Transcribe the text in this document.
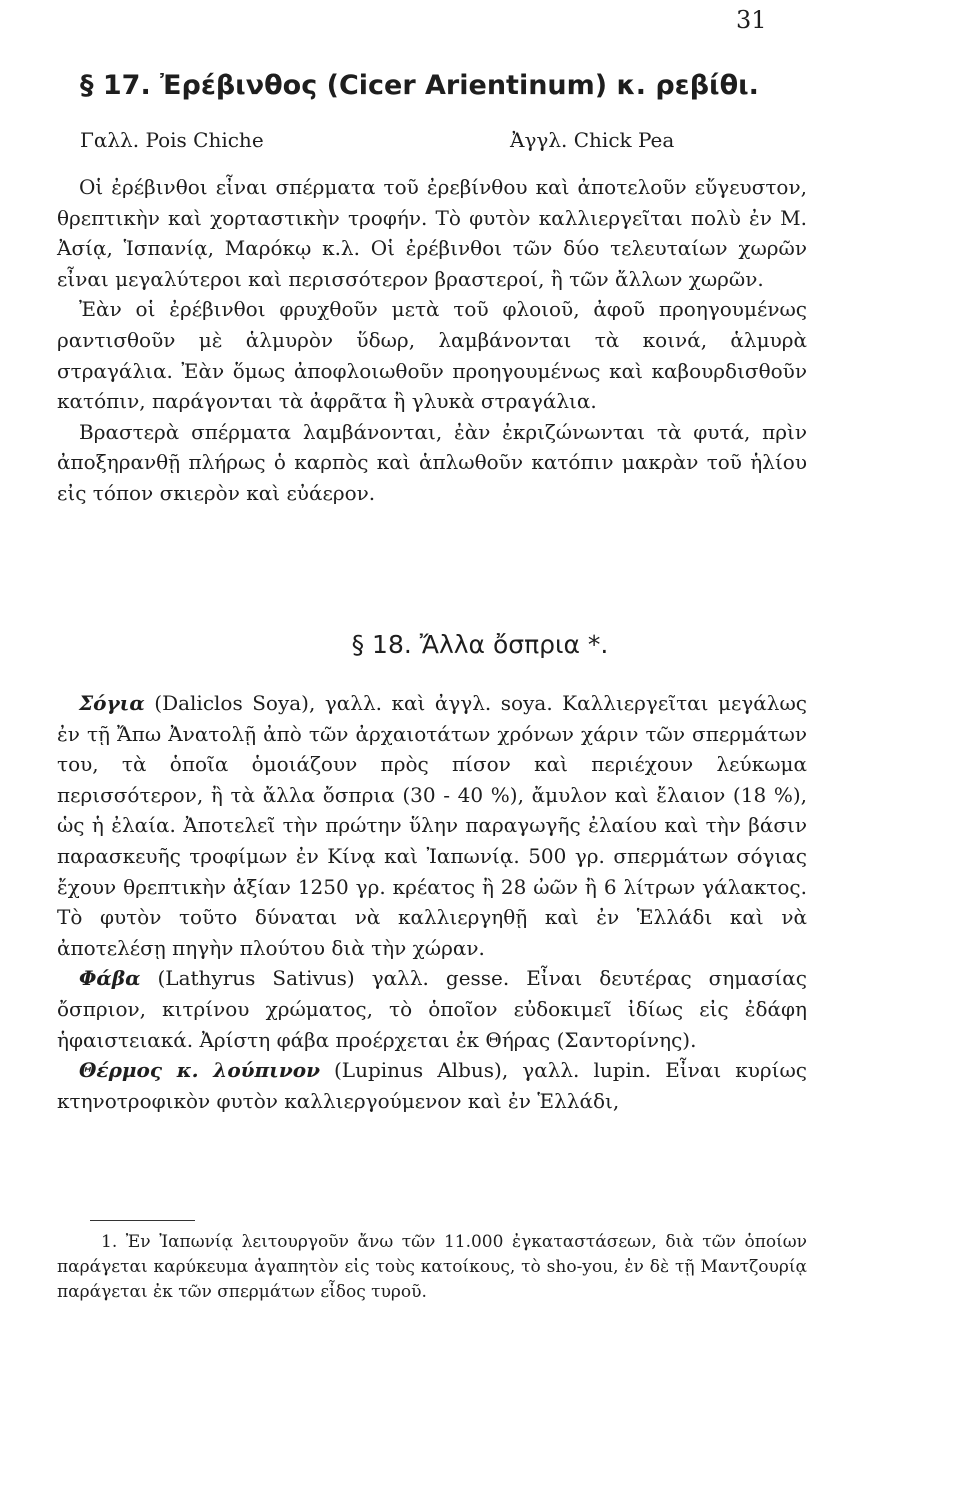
31
§ 17. Ἐρέβινθος (Cicer Arientinum) κ. ρεβίθι.
Γαλλ. Pois Chiche	Ἀγγλ. Chick Pea

Οἱ ἐρέβινθοι εἶναι σπέρματα τοῦ ἐρεβίνθου καὶ ἀποτελοῦν εὔγευστον, θρεπτικὴν καὶ χορταστικὴν τροφήν. Τὸ φυτὸν καλλιεργεῖται πολὺ ἐν Μ. Ἀσίᾳ, Ἱσπανίᾳ, Μαρόκῳ κ.λ. Οἱ ἐρέβινθοι τῶν δύο τελευταίων χωρῶν εἶναι μεγαλύτεροι καὶ περισσότερον βραστεροί, ἢ τῶν ἄλλων χωρῶν.

Ἐὰν οἱ ἐρέβινθοι φρυχθοῦν μετὰ τοῦ φλοιοῦ, ἀφοῦ προηγουμένως ραντισθοῦν μὲ ἁλμυρὸν ὕδωρ, λαμβάνονται τὰ κοινά, ἁλμυρὰ στραγάλια. Ἐὰν ὅμως ἀποφλοιωθοῦν προηγουμένως καὶ καβουρδισθοῦν κατόπιν, παράγονται τὰ ἀφρᾶτα ἢ γλυκὰ στραγάλια.

Βραστερὰ σπέρματα λαμβάνονται, ἐὰν ἐκριζώνωνται τὰ φυτά, πρὶν ἀποξηρανθῇ πλήρως ὁ καρπὸς καὶ ἁπλωθοῦν κατόπιν μακρὰν τοῦ ἡλίου εἰς τόπον σκιερὸν καὶ εὐάερον.

§ 18. Ἄλλα ὄσπρια *.

Σόγια (Daliclos Soya), γαλλ. καὶ ἀγγλ. soya. Καλλιεργεῖται μεγάλως ἐν τῇ Ἄπω Ἀνατολῇ ἀπὸ τῶν ἀρχαιοτάτων χρόνων χάριν τῶν σπερμάτων του, τὰ ὁποῖα ὁμοιάζουν πρὸς πίσον καὶ περιέχουν λεύκωμα περισσότερον, ἢ τὰ ἄλλα ὄσπρια (30 - 40 %), ἄμυλον καὶ ἔλαιον (18 %), ὡς ἡ ἐλαία. Ἀποτελεῖ τὴν πρώτην ὕλην παραγωγῆς ἐλαίου καὶ τὴν βάσιν παρασκευῆς τροφίμων ἐν Κίνᾳ καὶ Ἰαπωνίᾳ. 500 γρ. σπερμάτων σόγιας ἔχουν θρεπτικὴν ἀξίαν 1250 γρ. κρέατος ἢ 28 ὠῶν ἢ 6 λίτρων γάλακτος. Τὸ φυτὸν τοῦτο δύναται νὰ καλλιεργηθῇ καὶ ἐν Ἑλλάδι καὶ νὰ ἀποτελέσῃ πηγὴν πλούτου διὰ τὴν χώραν.

Φάβα (Lathyrus Sativus) γαλλ. gesse. Εἶναι δευτέρας σημασίας ὄσπριον, κιτρίνου χρώματος, τὸ ὁποῖον εὐδοκιμεῖ ἰδίως εἰς ἐδάφη ἡφαιστειακά. Ἀρίστη φάβα προέρχεται ἐκ Θήρας (Σαντορίνης).

Θέρμος κ. λούπινον (Lupinus Albus), γαλλ. lupin. Εἶναι κυρίως κτηνοτροφικὸν φυτὸν καλλιεργούμενον καὶ ἐν Ἑλλάδι,

1. Ἐν Ἰαπωνίᾳ λειτουργοῦν ἄνω τῶν 11.000 ἐγκαταστάσεων, διὰ τῶν ὁποίων παράγεται καρύκευμα ἀγαπητὸν εἰς τοὺς κατοίκους, τὸ sho-you, ἐν δὲ τῇ Μαντζουρίᾳ παράγεται ἐκ τῶν σπερμάτων εἶδος τυροῦ.
